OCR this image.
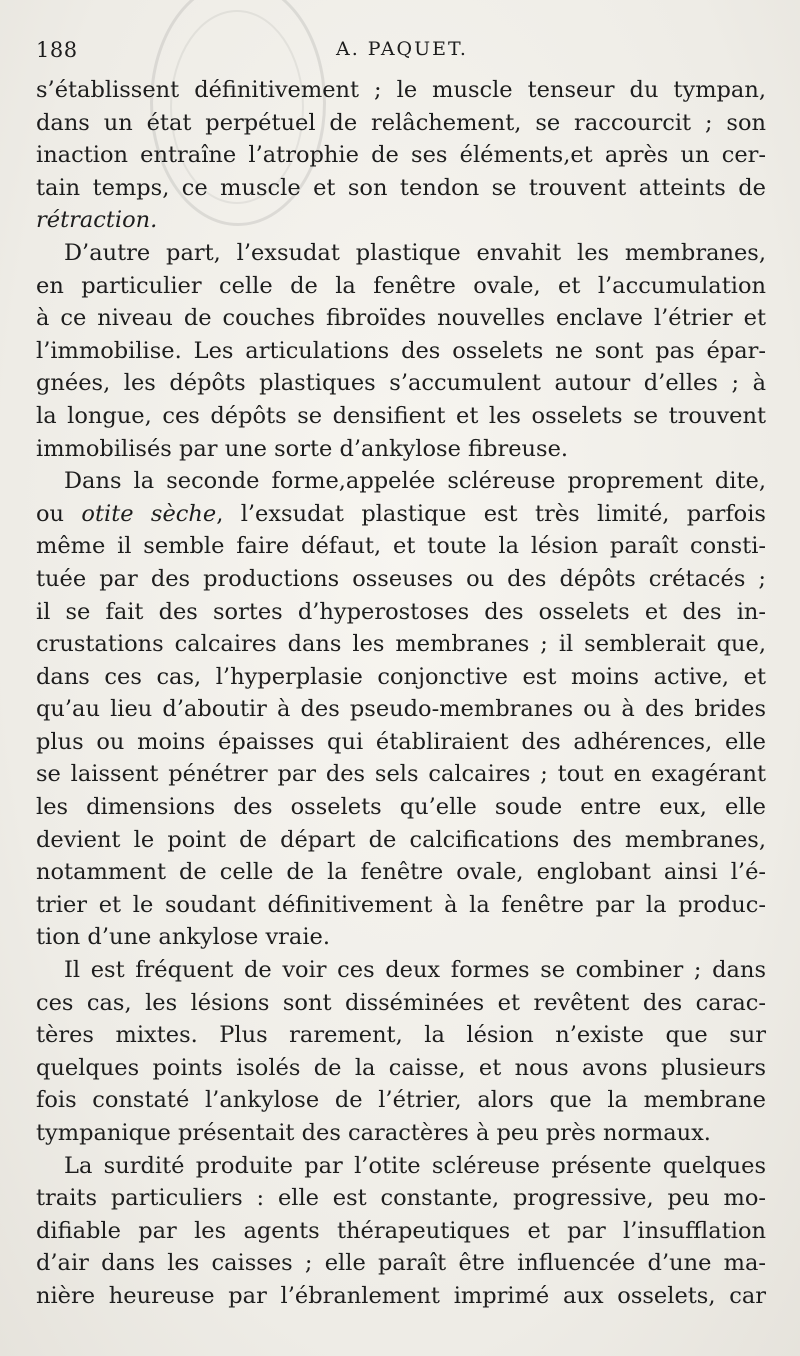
188	A. PAQUET.
s’établissent définitivement ; le muscle tenseur du tympan,
dans un état perpétuel de relâchement, se raccourcit ; son
inaction entraîne l’atrophie de ses éléments,et après un cer-
tain temps, ce muscle et son tendon se trouvent atteints de
rétraction.
D’autre part, l’exsudat plastique envahit les membranes,
en particulier celle de la fenêtre ovale, et l’accumulation
à ce niveau de couches fibroïdes nouvelles enclave l’étrier et
l’immobilise. Les articulations des osselets ne sont pas épar-
gnées, les dépôts plastiques s’accumulent autour d’elles ; à
la longue, ces dépôts se densifient et les osselets se trouvent
immobilisés par une sorte d’ankylose fibreuse.
Dans la seconde forme,appelée scléreuse proprement dite,
ou otite sèche, l’exsudat plastique est très limité, parfois
même il semble faire défaut, et toute la lésion paraît consti-
tuée par des productions osseuses ou des dépôts crétacés ;
il se fait des sortes d’hyperostoses des osselets et des in-
crustations calcaires dans les membranes ; il semblerait que,
dans ces cas, l’hyperplasie conjonctive est moins active, et
qu’au lieu d’aboutir à des pseudo-membranes ou à des brides
plus ou moins épaisses qui établiraient des adhérences, elle
se laissent pénétrer par des sels calcaires ; tout en exagérant
les dimensions des osselets qu’elle soude entre eux, elle
devient le point de départ de calcifications des membranes,
notamment de celle de la fenêtre ovale, englobant ainsi l’é-
trier et le soudant définitivement à la fenêtre par la produc-
tion d’une ankylose vraie.
Il est fréquent de voir ces deux formes se combiner ; dans
ces cas, les lésions sont disséminées et revêtent des carac-
tères mixtes. Plus rarement, la lésion n’existe que sur
quelques points isolés de la caisse, et nous avons plusieurs
fois constaté l’ankylose de l’étrier, alors que la membrane
tympanique présentait des caractères à peu près normaux.
La surdité produite par l’otite scléreuse présente quelques
traits particuliers : elle est constante, progressive, peu mo-
difiable par les agents thérapeutiques et par l’insufflation
d’air dans les caisses ; elle paraît être influencée d’une ma-
nière heureuse par l’ébranlement imprimé aux osselets, car
